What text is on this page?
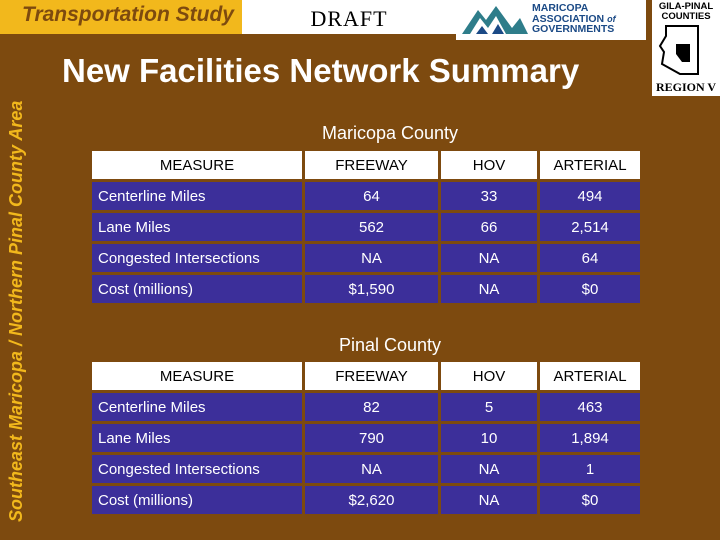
Southeast Maricopa / Northern Pinal County Area
Transportation Study	DRAFT	MARICOPA
ASSOCIATION of
GOVERNMENTS
GILA-PINAL
COUNTIES
REGION V
New Facilities Network Summary
Maricopa County
MEASURE	FREEWAY	HOV	ARTERIAL
Centerline Miles	64	33	494
Lane Miles	562	66	2,514
Congested Intersections	NA	NA	64
Cost (millions)	$1,590	NA	$0
Pinal County
MEASURE	FREEWAY	HOV	ARTERIAL
Centerline Miles	82	5	463
Lane Miles	790	10	1,894
Congested Intersections	NA	NA	1
Cost (millions)	$2,620	NA	$0
